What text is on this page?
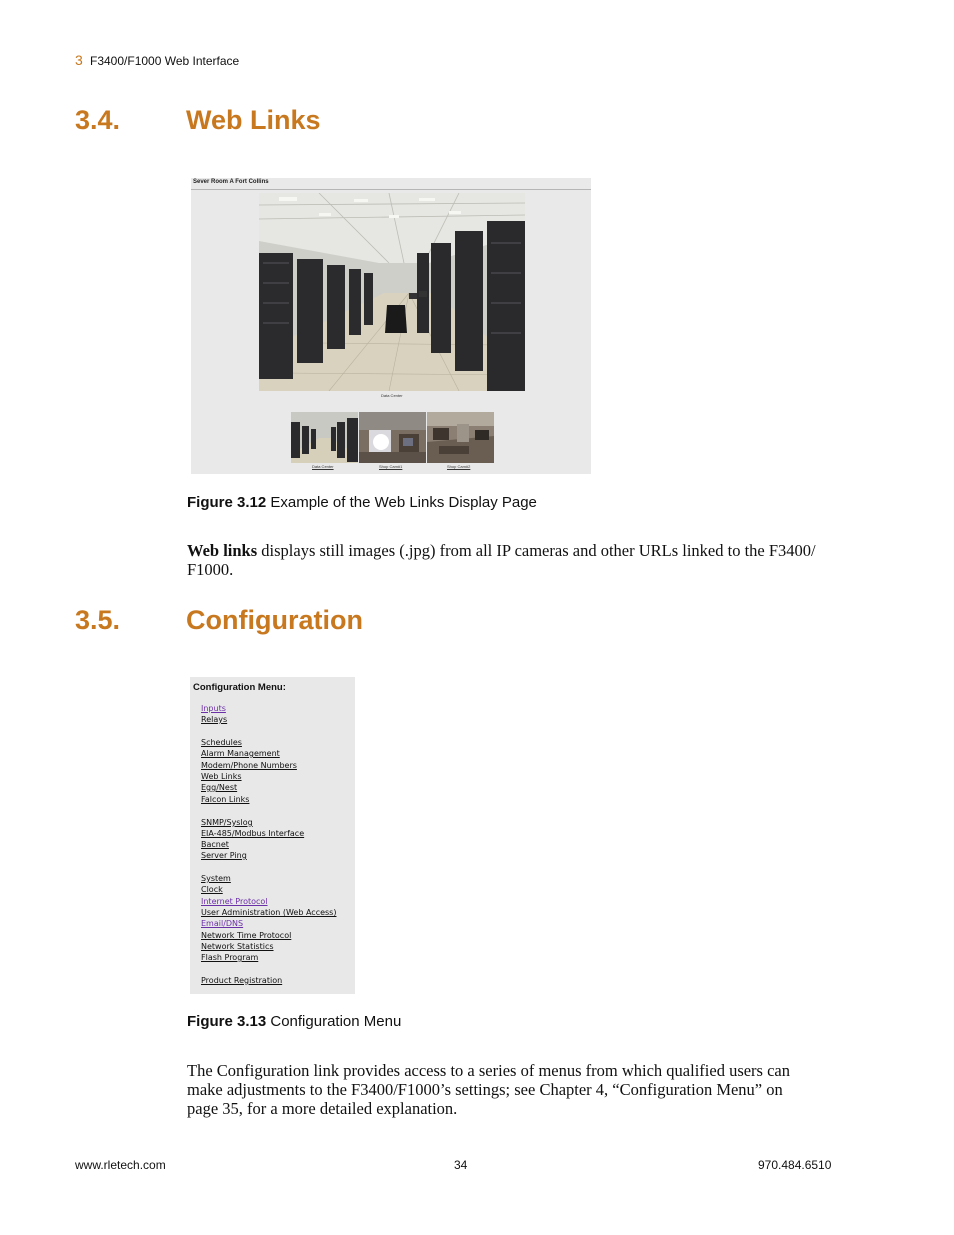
3 F3400/F1000 Web Interface
3.4. Web Links
Sever Room A Fort Collins
Data Center
Data Center	Shop Cam#1	Shop Cam#2
Figure 3.12 Example of the Web Links Display Page
Web links displays still images (.jpg) from all IP cameras and other URLs linked to the F3400/
F1000.
3.5. Configuration
Configuration Menu:
Inputs
Relays
Schedules
Alarm Management
Modem/Phone Numbers
Web Links
Egg/Nest
Falcon Links
SNMP/Syslog
EIA-485/Modbus Interface
Bacnet
Server Ping
System
Clock
Internet Protocol
User Administration (Web Access)
Email/DNS
Network Time Protocol
Network Statistics
Flash Program
Product Registration
Figure 3.13 Configuration Menu
The Configuration link provides access to a series of menus from which qualified users can
make adjustments to the F3400/F1000’s settings; see Chapter 4, “Configuration Menu” on
page 35, for a more detailed explanation.
www.rletech.com	34	970.484.6510
